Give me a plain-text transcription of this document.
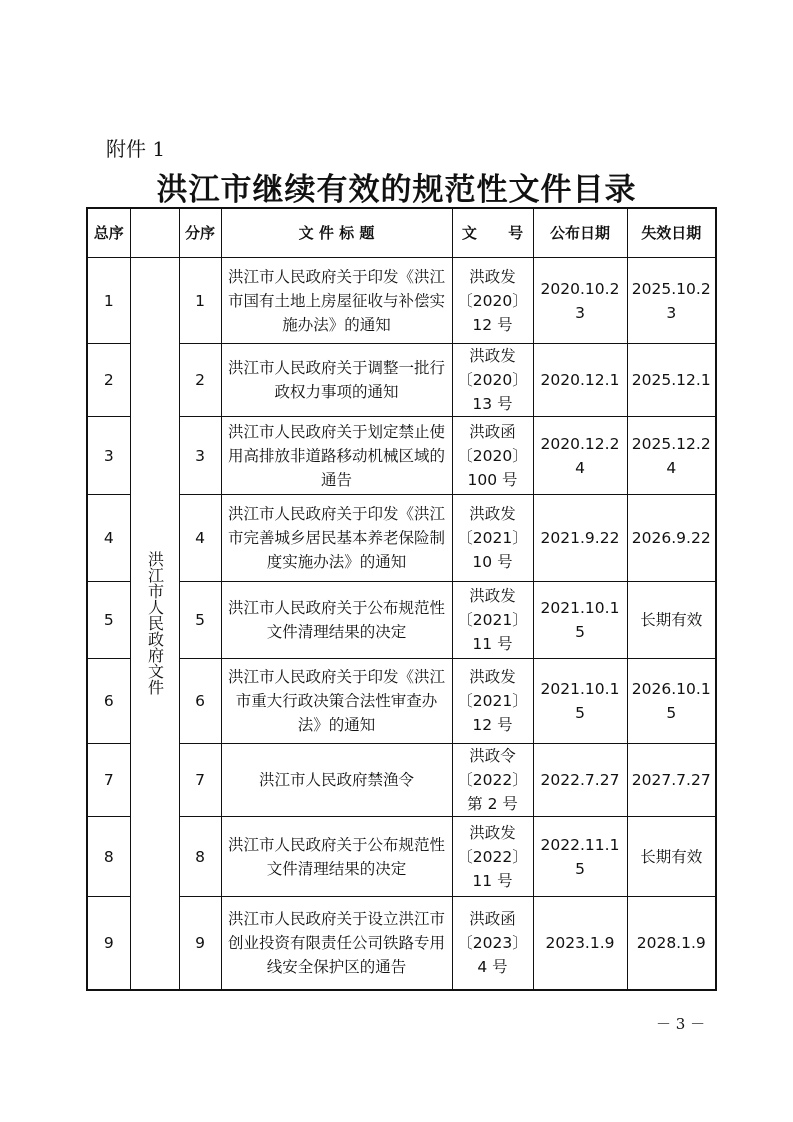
附件 1
洪江市继续有效的规范性文件目录
总序		分序	文 件 标 题	文      号	公布日期	失效日期
1	洪江市人民政府文件	1	洪江市人民政府关于印发《洪江市国有土地上房屋征收与补偿实施办法》的通知	洪政发〔2020〕12 号	2020.10.23	2025.10.23
2		2	洪江市人民政府关于调整一批行政权力事项的通知	洪政发〔2020〕13 号	2020.12.1	2025.12.1
3		3	洪江市人民政府关于划定禁止使用高排放非道路移动机械区域的通告	洪政函〔2020〕100 号	2020.12.24	2025.12.24
4		4	洪江市人民政府关于印发《洪江市完善城乡居民基本养老保险制度实施办法》的通知	洪政发〔2021〕10 号	2021.9.22	2026.9.22
5		5	洪江市人民政府关于公布规范性文件清理结果的决定	洪政发〔2021〕11 号	2021.10.15	长期有效
6		6	洪江市人民政府关于印发《洪江市重大行政决策合法性审查办法》的通知	洪政发〔2021〕12 号	2021.10.15	2026.10.15
7		7	洪江市人民政府禁渔令	洪政令〔2022〕第 2 号	2022.7.27	2027.7.27
8		8	洪江市人民政府关于公布规范性文件清理结果的决定	洪政发〔2022〕11 号	2022.11.15	长期有效
9		9	洪江市人民政府关于设立洪江市创业投资有限责任公司铁路专用线安全保护区的通告	洪政函〔2023〕4 号	2023.1.9	2028.1.9
－ 3 －
